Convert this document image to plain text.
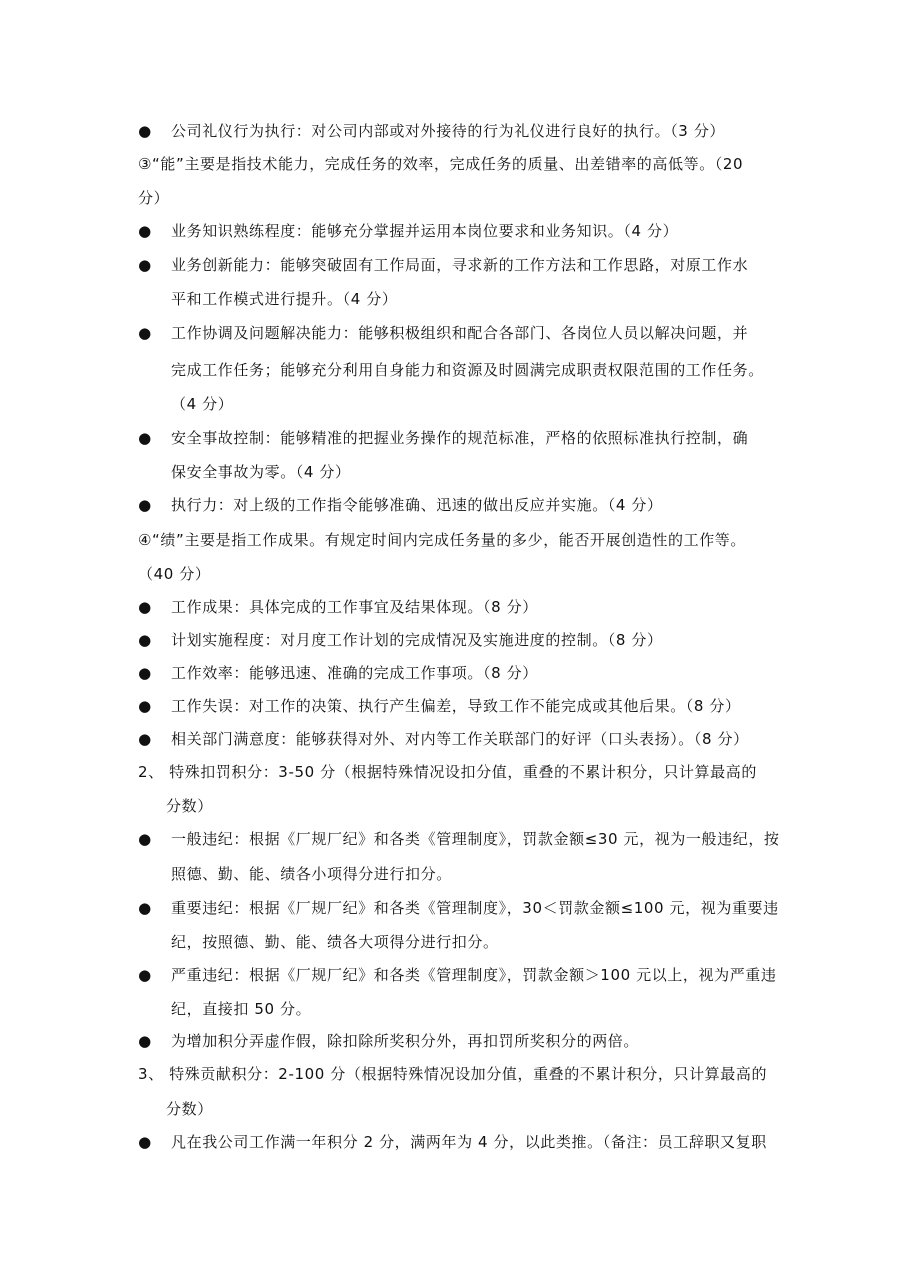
● 公司礼仪行为执行：对公司内部或对外接待的行为礼仪进行良好的执行。（3 分）
③“能”主要是指技术能力，完成任务的效率，完成任务的质量、出差错率的高低等。（20
分）
● 业务知识熟练程度：能够充分掌握并运用本岗位要求和业务知识。（4 分）
● 业务创新能力：能够突破固有工作局面，寻求新的工作方法和工作思路，对原工作水
平和工作模式进行提升。（4 分）
● 工作协调及问题解决能力：能够积极组织和配合各部门、各岗位人员以解决问题，并
完成工作任务；能够充分利用自身能力和资源及时圆满完成职责权限范围的工作任务。
（4 分）
● 安全事故控制：能够精准的把握业务操作的规范标准，严格的依照标准执行控制，确
保安全事故为零。（4 分）
● 执行力：对上级的工作指令能够准确、迅速的做出反应并实施。（4 分）
④“绩”主要是指工作成果。有规定时间内完成任务量的多少，能否开展创造性的工作等。
（40 分）
● 工作成果：具体完成的工作事宜及结果体现。（8 分）
● 计划实施程度：对月度工作计划的完成情况及实施进度的控制。（8 分）
● 工作效率：能够迅速、准确的完成工作事项。（8 分）
● 工作失误：对工作的决策、执行产生偏差，导致工作不能完成或其他后果。（8 分）
● 相关部门满意度：能够获得对外、对内等工作关联部门的好评（口头表扬）。（8 分）
2、 特殊扣罚积分：3-50 分（根据特殊情况设扣分值，重叠的不累计积分，只计算最高的
分数）
● 一般违纪：根据《厂规厂纪》和各类《管理制度》，罚款金额≤30 元，视为一般违纪，按
照德、勤、能、绩各小项得分进行扣分。
● 重要违纪：根据《厂规厂纪》和各类《管理制度》，30＜罚款金额≤100 元，视为重要违
纪，按照德、勤、能、绩各大项得分进行扣分。
● 严重违纪：根据《厂规厂纪》和各类《管理制度》，罚款金额＞100 元以上，视为严重违
纪，直接扣 50 分。
● 为增加积分弄虚作假，除扣除所奖积分外，再扣罚所奖积分的两倍。
3、 特殊贡献积分：2-100 分（根据特殊情况设加分值，重叠的不累计积分，只计算最高的
分数）
● 凡在我公司工作满一年积分 2 分，满两年为 4 分，以此类推。（备注：员工辞职又复职
